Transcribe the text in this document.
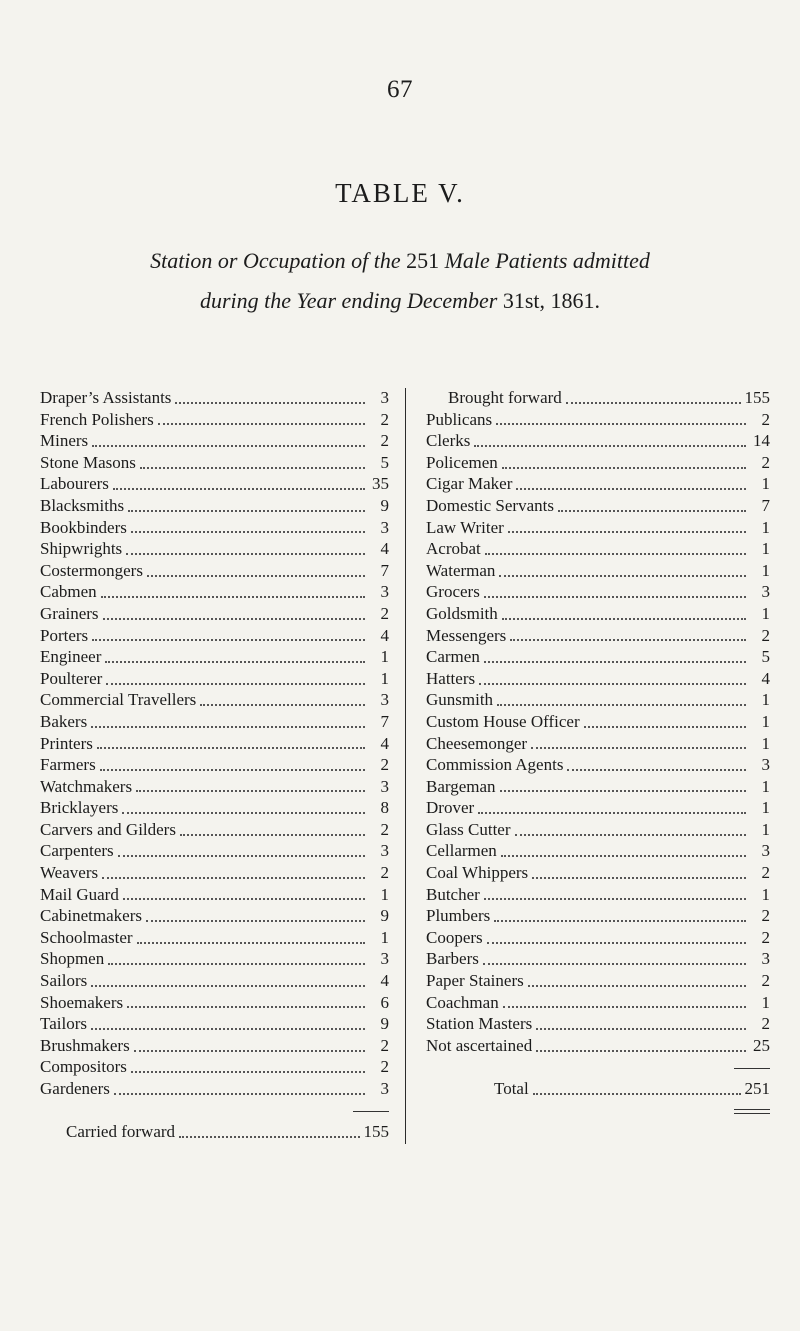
67
TABLE V.
Station or Occupation of the 251 Male Patients admitted
during the Year ending December 31st, 1861.
Draper’s Assistants	3
French Polishers	2
Miners	2
Stone Masons	5
Labourers	35
Blacksmiths	9
Bookbinders	3
Shipwrights	4
Costermongers	7
Cabmen	3
Grainers	2
Porters	4
Engineer	1
Poulterer	1
Commercial Travellers	3
Bakers	7
Printers	4
Farmers	2
Watchmakers	3
Bricklayers	8
Carvers and Gilders	2
Carpenters	3
Weavers	2
Mail Guard	1
Cabinetmakers	9
Schoolmaster	1
Shopmen	3
Sailors	4
Shoemakers	6
Tailors	9
Brushmakers	2
Compositors	2
Gardeners	3
Carried forward	155
Brought forward	155
Publicans	2
Clerks	14
Policemen	2
Cigar Maker	1
Domestic Servants	7
Law Writer	1
Acrobat	1
Waterman	1
Grocers	3
Goldsmith	1
Messengers	2
Carmen	5
Hatters	4
Gunsmith	1
Custom House Officer	1
Cheesemonger	1
Commission Agents	3
Bargeman	1
Drover	1
Glass Cutter	1
Cellarmen	3
Coal Whippers	2
Butcher	1
Plumbers	2
Coopers	2
Barbers	3
Paper Stainers	2
Coachman	1
Station Masters	2
Not ascertained	25
Total	251
